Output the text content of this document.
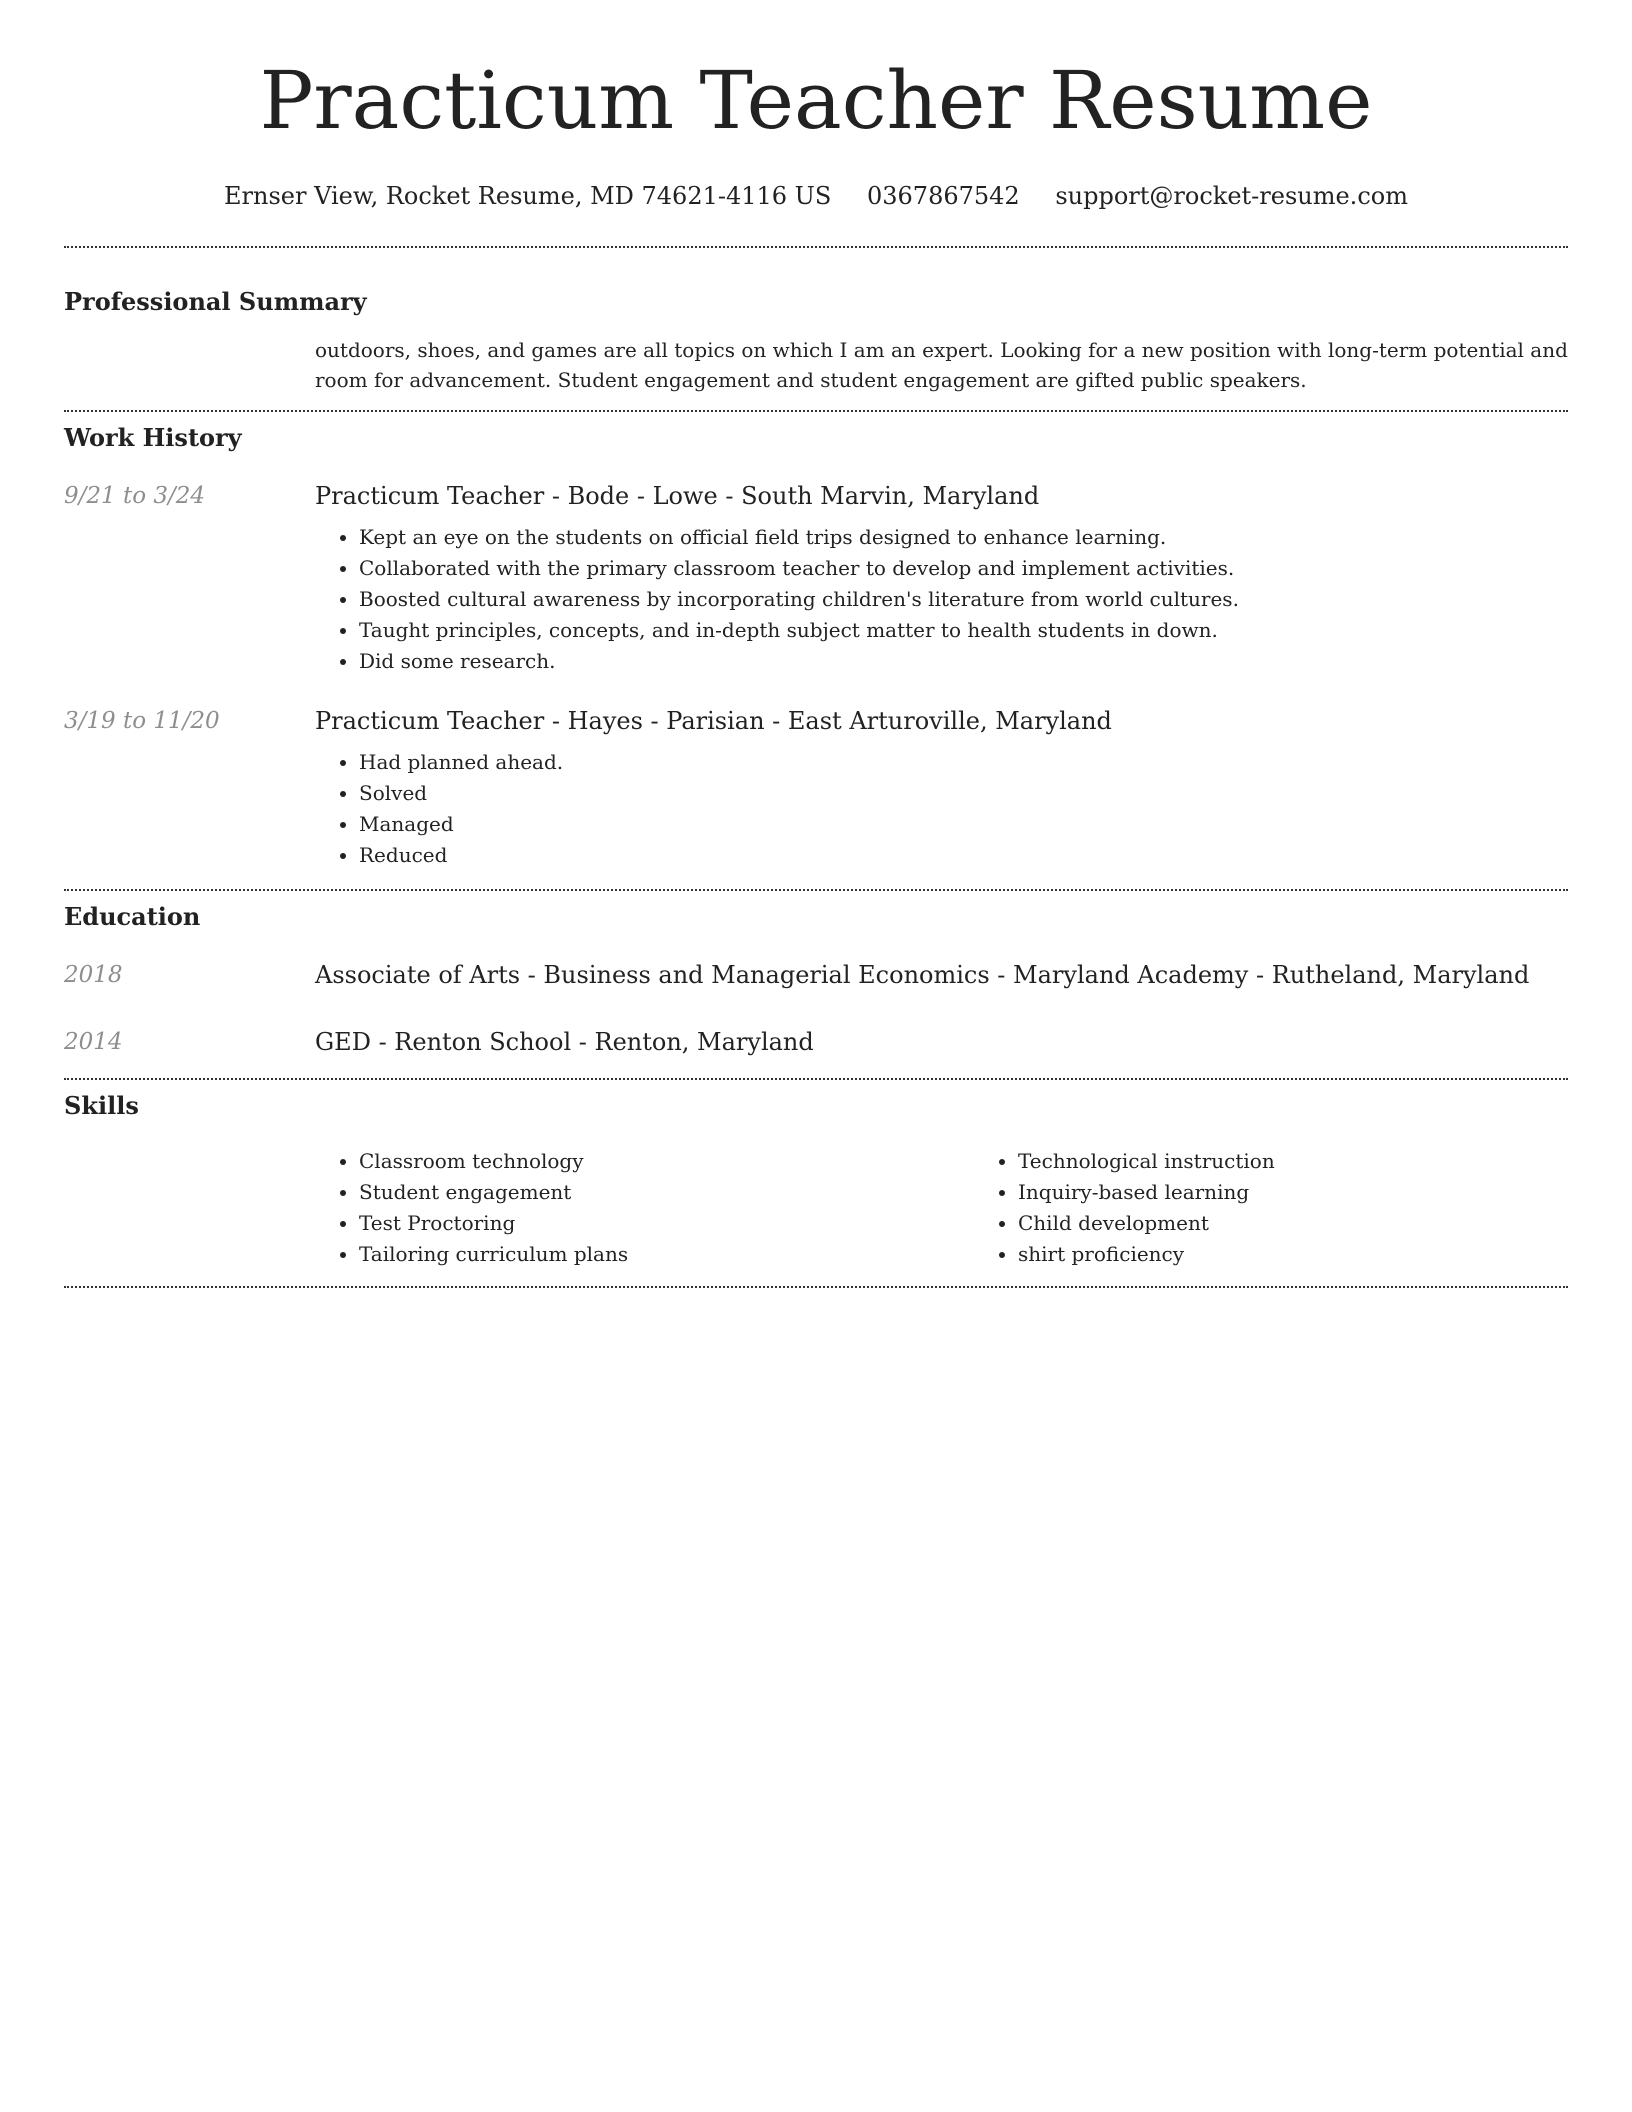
Practicum Teacher Resume
Ernser View, Rocket Resume, MD 74621-4116 US 0367867542 support@rocket-resume.com
Professional Summary
outdoors, shoes, and games are all topics on which I am an expert. Looking for a new position with long-term potential and room for advancement. Student engagement and student engagement are gifted public speakers.
Work History
9/21 to 3/24	Practicum Teacher - Bode - Lowe - South Marvin, Maryland
• Kept an eye on the students on official field trips designed to enhance learning.
• Collaborated with the primary classroom teacher to develop and implement activities.
• Boosted cultural awareness by incorporating children's literature from world cultures.
• Taught principles, concepts, and in-depth subject matter to health students in down.
• Did some research.
3/19 to 11/20	Practicum Teacher - Hayes - Parisian - East Arturoville, Maryland
• Had planned ahead.
• Solved
• Managed
• Reduced
Education
2018	Associate of Arts - Business and Managerial Economics - Maryland Academy - Rutheland, Maryland
2014	GED - Renton School - Renton, Maryland
Skills
• Classroom technology
• Student engagement
• Test Proctoring
• Tailoring curriculum plans
• Technological instruction
• Inquiry-based learning
• Child development
• shirt proficiency
